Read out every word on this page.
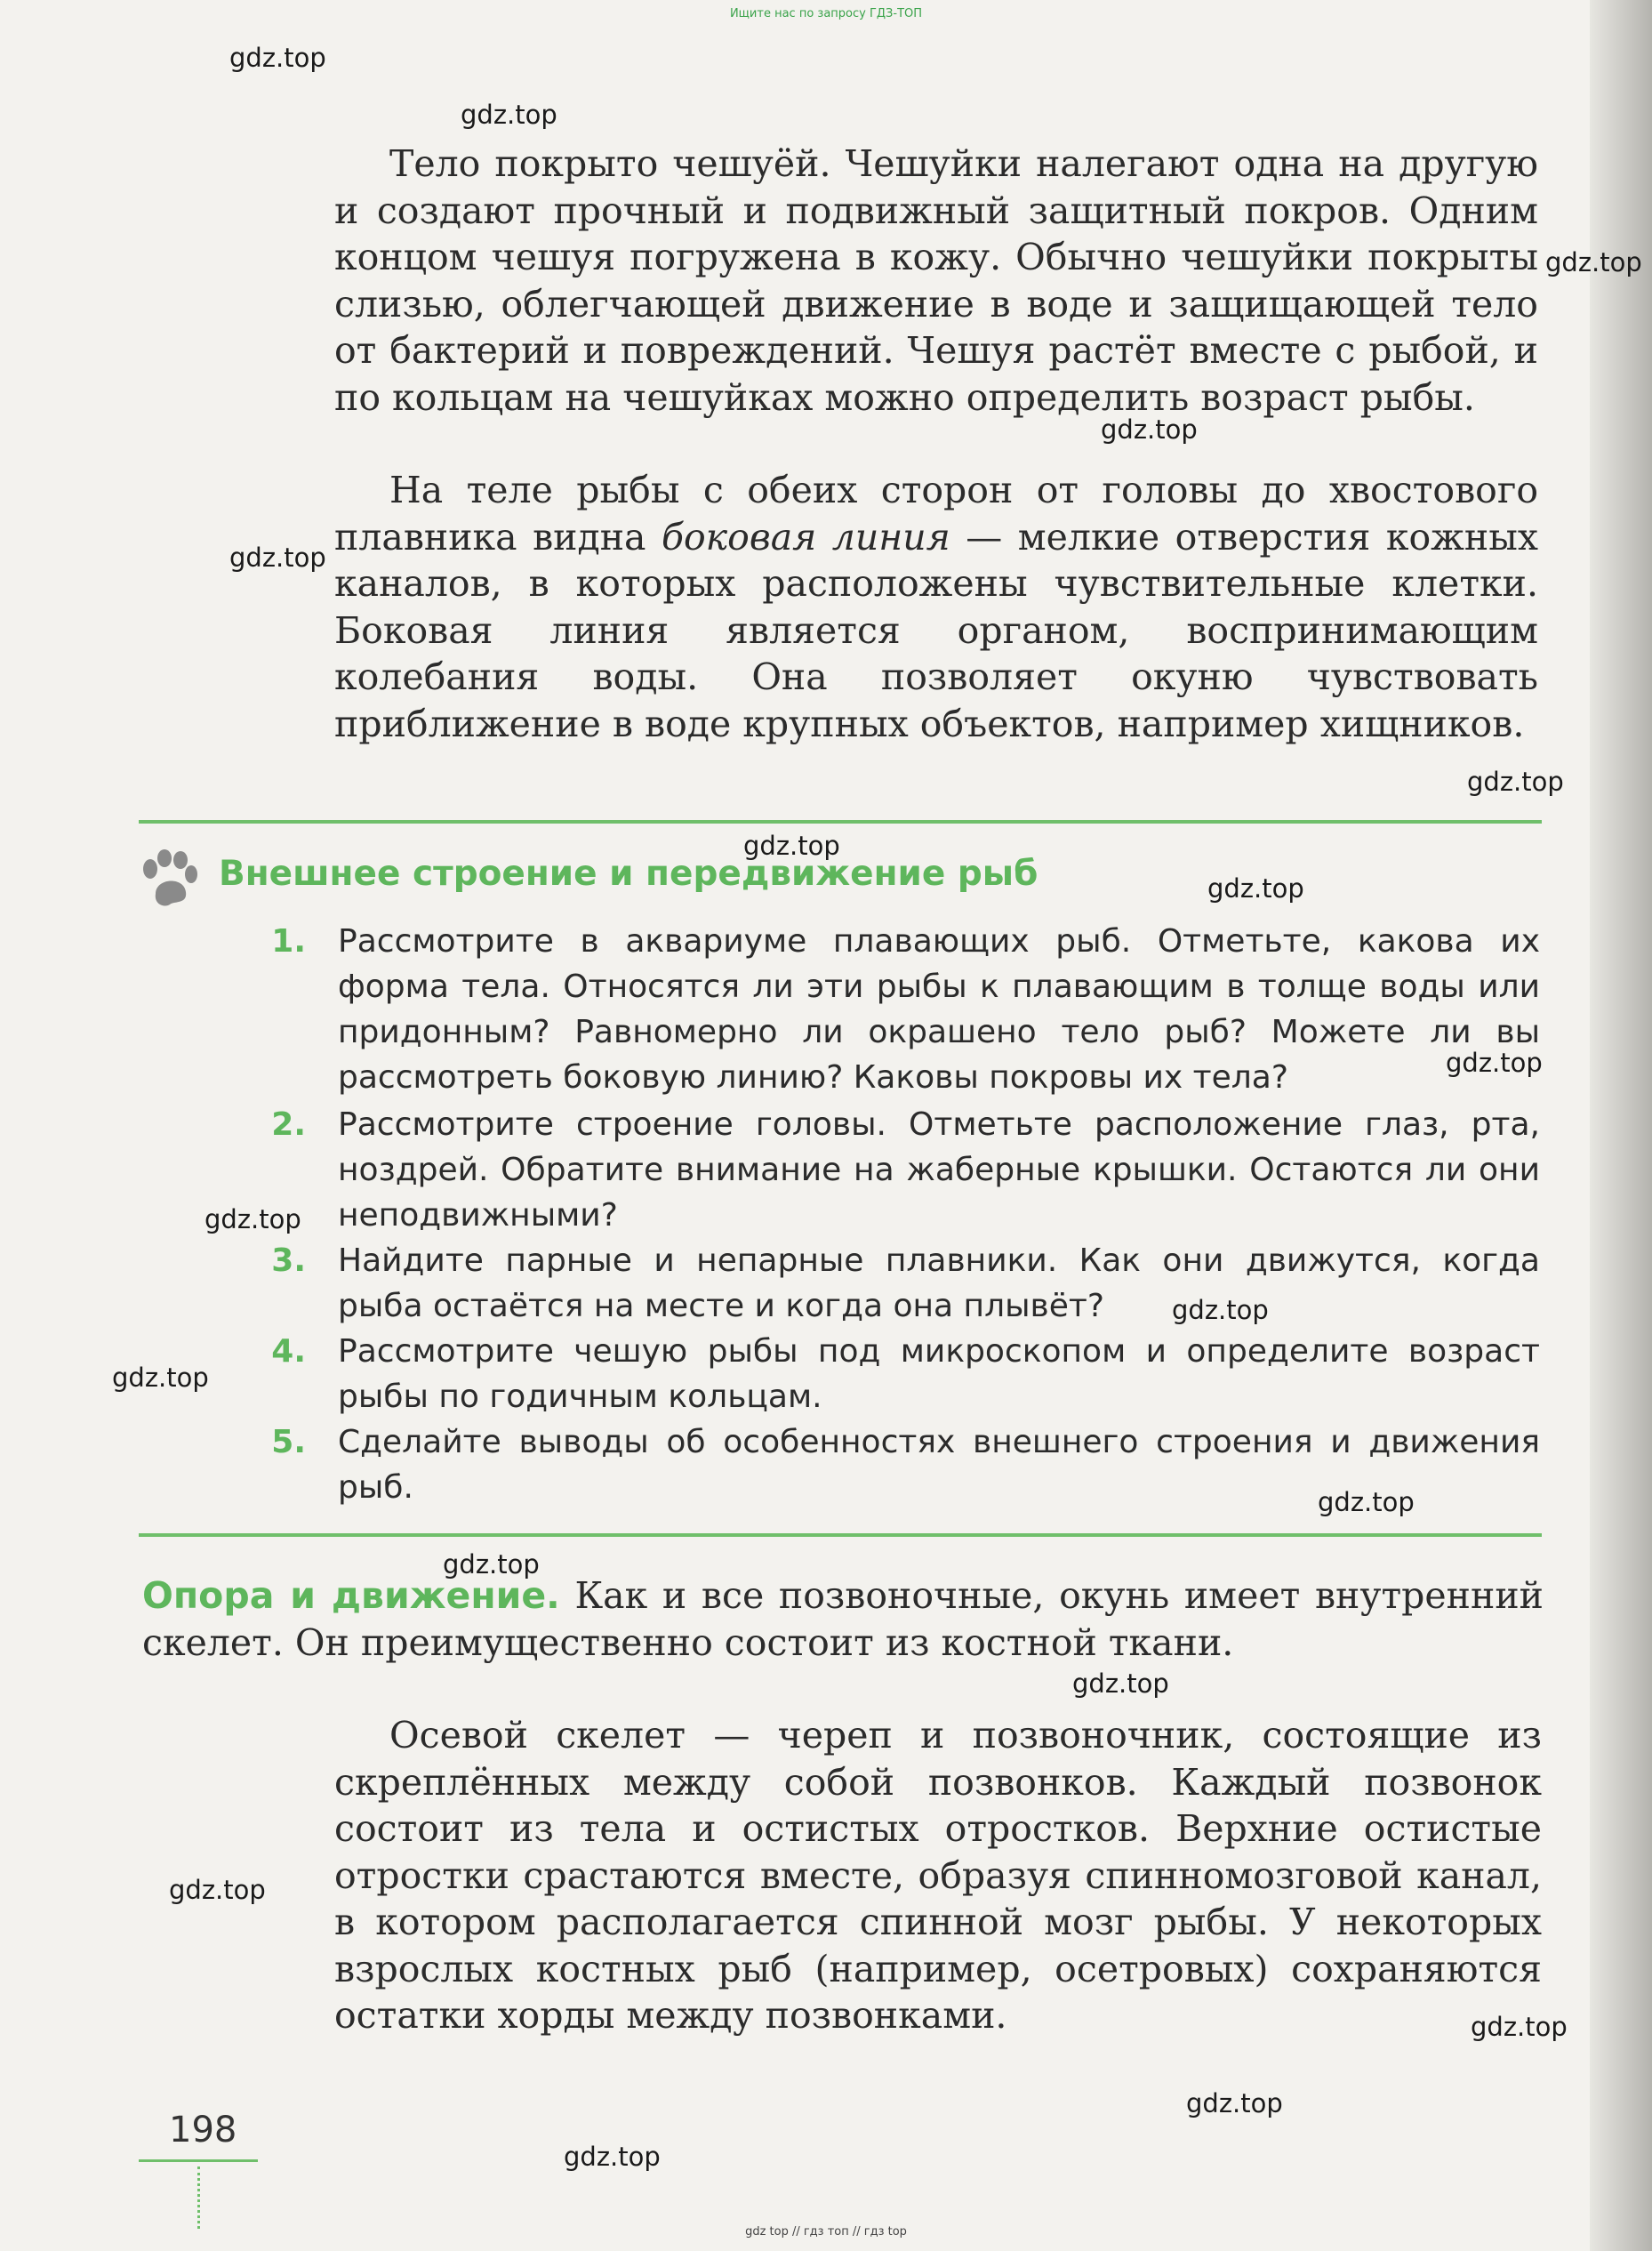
Ищите нас по запросу ГДЗ-ТОП

Тело покрыто чешуёй. Чешуйки налегают одна на другую и создают прочный и подвижный защитный покров. Одним концом чешуя погружена в кожу. Обычно чешуйки покрыты слизью, облегчающей движение в воде и защищающей тело от бактерий и повреждений. Чешуя растёт вместе с рыбой, и по кольцам на чешуйках можно определить возраст рыбы.

На теле рыбы с обеих сторон от головы до хвостового плавника видна боковая линия — мелкие отверстия кожных каналов, в которых расположены чувствительные клетки. Боковая линия является органом, воспринимающим колебания воды. Она позволяет окуню чувствовать приближение в воде крупных объектов, например хищников.

Внешнее строение и передвижение рыб
1. Рассмотрите в аквариуме плавающих рыб. Отметьте, какова их форма тела. Относятся ли эти рыбы к плавающим в толще воды или придонным? Равномерно ли окрашено тело рыб? Можете ли вы рассмотреть боковую линию? Каковы покровы их тела?
2. Рассмотрите строение головы. Отметьте расположение глаз, рта, ноздрей. Обратите внимание на жаберные крышки. Остаются ли они неподвижными?
3. Найдите парные и непарные плавники. Как они движутся, когда рыба остаётся на месте и когда она плывёт?
4. Рассмотрите чешую рыбы под микроскопом и определите возраст рыбы по годичным кольцам.
5. Сделайте выводы об особенностях внешнего строения и движения рыб.

Опора и движение. Как и все позвоночные, окунь имеет внутренний скелет. Он преимущественно состоит из костной ткани.

Осевой скелет — череп и позвоночник, состоящие из скреплённых между собой позвонков. Каждый позвонок состоит из тела и остистых отростков. Верхние остистые отростки срастаются вместе, образуя спинномозговой канал, в котором располагается спинной мозг рыбы. У некоторых взрослых костных рыб (например, осетровых) сохраняются остатки хорды между позвонками.

198
gdz.top
gdz.top
gdz.top
gdz.top
gdz.top
gdz.top
gdz.top
gdz.top
gdz.top
gdz.top
gdz.top
gdz.top
gdz.top
gdz.top
gdz.top
gdz.top
gdz.top
gdz.top
gdz.top
gdz top // гдз топ // гдз top
